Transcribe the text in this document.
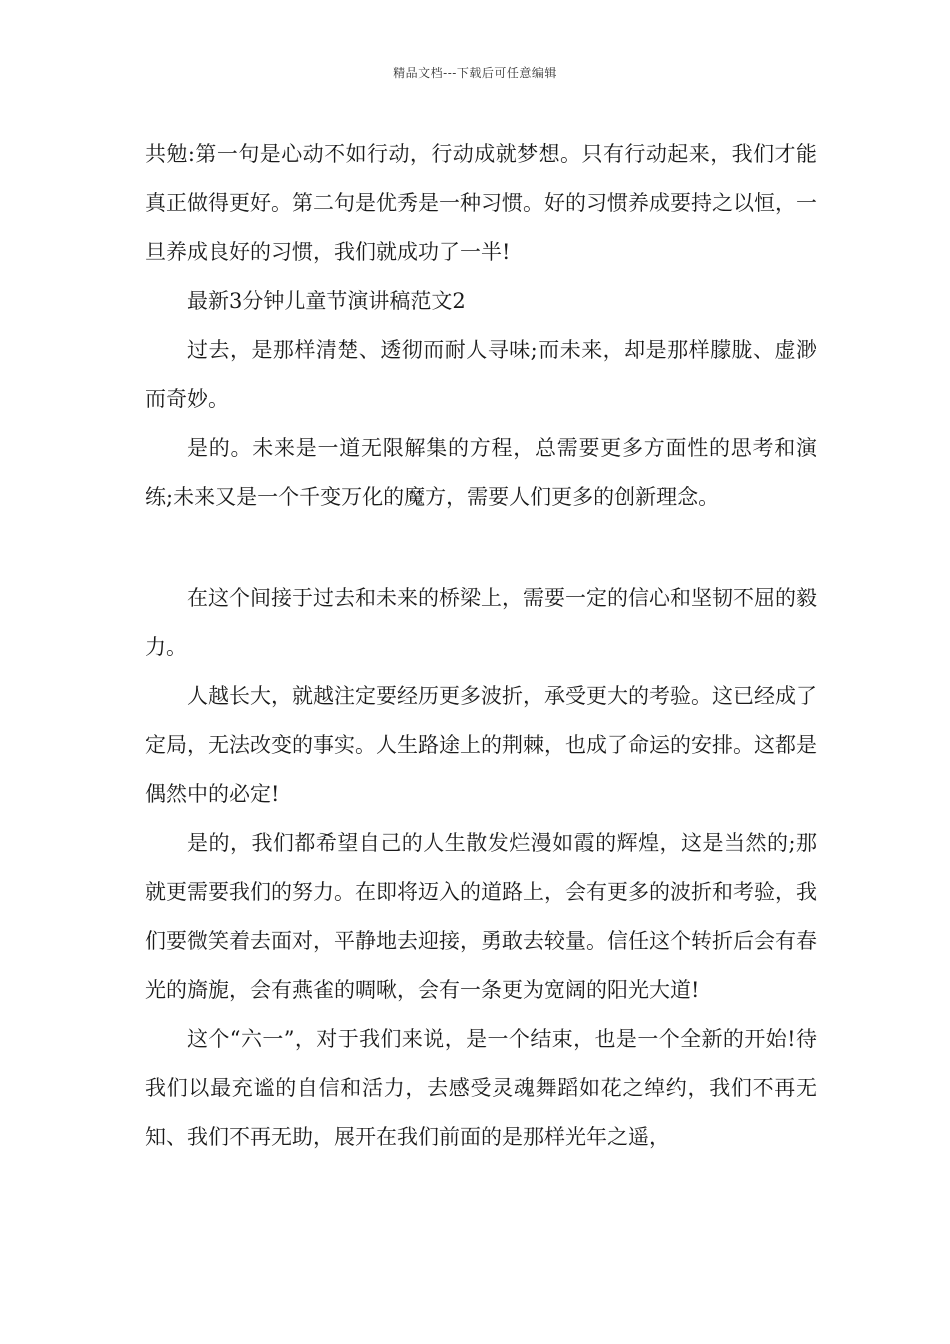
精品文档---下载后可任意编辑

共勉:第一句是心动不如行动，行动成就梦想。只有行动起来，我们才能真正做得更好。第二句是优秀是一种习惯。好的习惯养成要持之以恒，一旦养成良好的习惯，我们就成功了一半!

最新3分钟儿童节演讲稿范文2

过去，是那样清楚、透彻而耐人寻味;而未来，却是那样朦胧、虚渺而奇妙。

是的。未来是一道无限解集的方程，总需要更多方面性的思考和演练;未来又是一个千变万化的魔方，需要人们更多的创新理念。

在这个间接于过去和未来的桥梁上，需要一定的信心和坚韧不屈的毅力。

人越长大，就越注定要经历更多波折，承受更大的考验。这已经成了定局，无法改变的事实。人生路途上的荆棘，也成了命运的安排。这都是偶然中的必定!

是的，我们都希望自己的人生散发烂漫如霞的辉煌，这是当然的;那就更需要我们的努力。在即将迈入的道路上，会有更多的波折和考验，我们要微笑着去面对，平静地去迎接，勇敢去较量。信任这个转折后会有春光的旖旎，会有燕雀的啁啾，会有一条更为宽阔的阳光大道!

这个“六一”，对于我们来说，是一个结束，也是一个全新的开始!待我们以最充谧的自信和活力，去感受灵魂舞蹈如花之绰约，我们不再无知、我们不再无助，展开在我们前面的是那样光年之遥，
